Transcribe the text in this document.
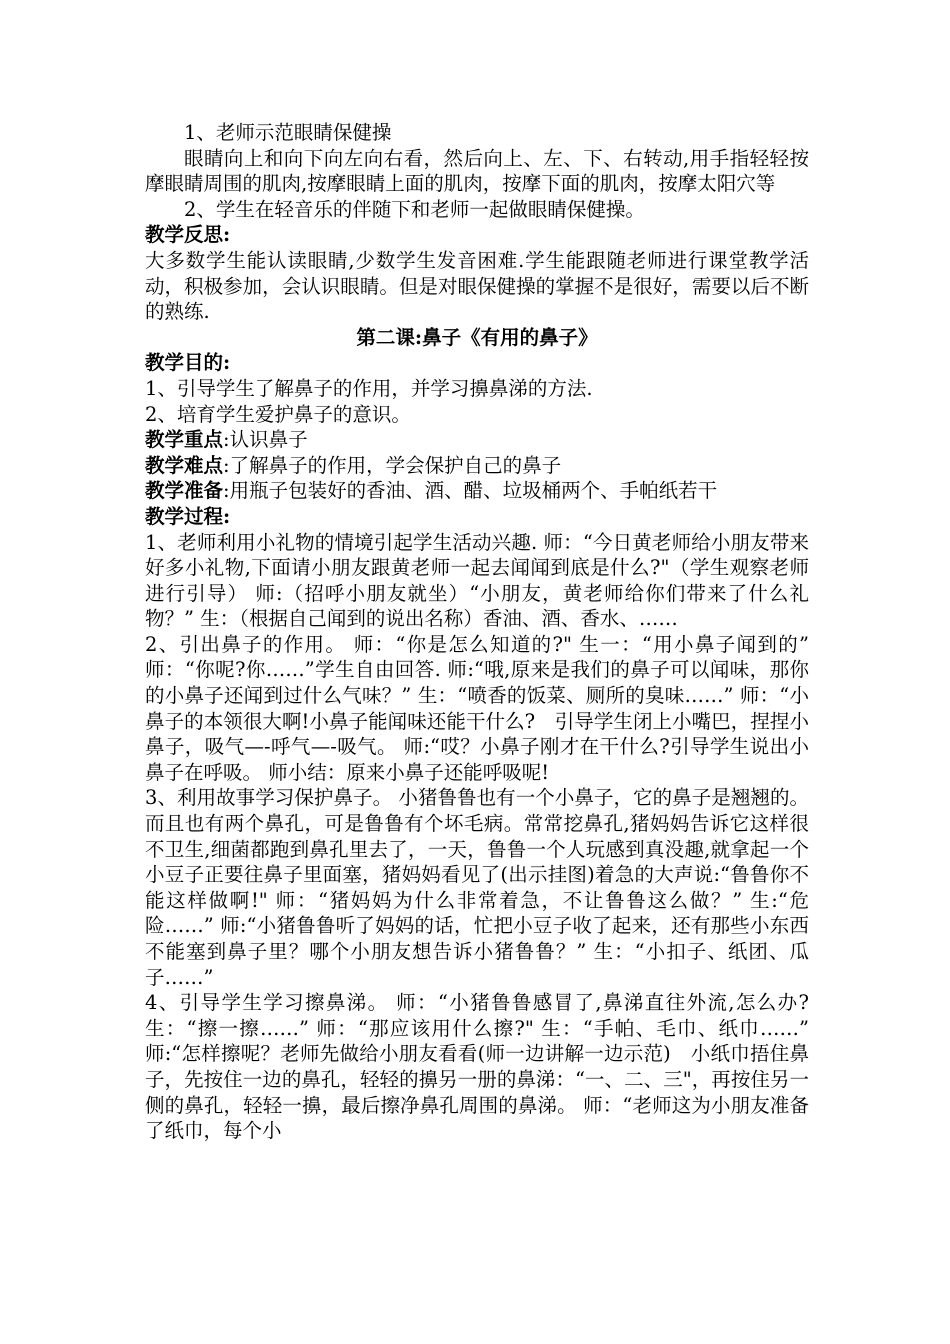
1、老师示范眼睛保健操

眼睛向上和向下向左向右看，然后向上、左、下、右转动,用手指轻轻按摩眼睛周围的肌肉,按摩眼睛上面的肌肉，按摩下面的肌肉，按摩太阳穴等

2、学生在轻音乐的伴随下和老师一起做眼睛保健操。

教学反思:

大多数学生能认读眼睛,少数学生发音困难.学生能跟随老师进行课堂教学活动，积极参加，会认识眼睛。但是对眼保健操的掌握不是很好，需要以后不断的熟练.

第二课:鼻子《有用的鼻子》

教学目的:

1、引导学生了解鼻子的作用，并学习擤鼻涕的方法.

2、培育学生爱护鼻子的意识。

教学重点:认识鼻子

教学难点:了解鼻子的作用，学会保护自己的鼻子

教学准备:用瓶子包装好的香油、酒、醋、垃圾桶两个、手帕纸若干

教学过程:

1、老师利用小礼物的情境引起学生活动兴趣. 师：“今日黄老师给小朋友带来好多小礼物,下面请小朋友跟黄老师一起去闻闻到底是什么?"（学生观察老师进行引导） 师:（招呼小朋友就坐）“小朋友，黄老师给你们带来了什么礼物？” 生：（根据自己闻到的说出名称）香油、酒、香水、……

2、引出鼻子的作用。 师：“你是怎么知道的?" 生一：“用小鼻子闻到的” 师：“你呢?你……”学生自由回答. 师:“哦,原来是我们的鼻子可以闻味，那你的小鼻子还闻到过什么气味？” 生：“喷香的饭菜、厕所的臭味……” 师：“小鼻子的本领很大啊!小鼻子能闻味还能干什么?　引导学生闭上小嘴巴，捏捏小鼻子，吸气—-呼气—-吸气。 师:“哎？小鼻子刚才在干什么?引导学生说出小鼻子在呼吸。 师小结：原来小鼻子还能呼吸呢!

3、利用故事学习保护鼻子。 小猪鲁鲁也有一个小鼻子，它的鼻子是翘翘的。而且也有两个鼻孔，可是鲁鲁有个坏毛病。常常挖鼻孔,猪妈妈告诉它这样很不卫生,细菌都跑到鼻孔里去了，一天，鲁鲁一个人玩感到真没趣,就拿起一个小豆子正要往鼻子里面塞，猪妈妈看见了(出示挂图)着急的大声说:“鲁鲁你不能这样做啊!" 师：“猪妈妈为什么非常着急，不让鲁鲁这么做？” 生:“危险……” 师:“小猪鲁鲁听了妈妈的话，忙把小豆子收了起来，还有那些小东西不能塞到鼻子里？哪个小朋友想告诉小猪鲁鲁？” 生：“小扣子、纸团、瓜子……”

4、引导学生学习擦鼻涕。 师：“小猪鲁鲁感冒了,鼻涕直往外流,怎么办? 生：“擦一擦……” 师：“那应该用什么擦?" 生：“手帕、毛巾、纸巾……” 师:“怎样擦呢？老师先做给小朋友看看(师一边讲解一边示范)　小纸巾捂住鼻子，先按住一边的鼻孔，轻轻的擤另一册的鼻涕：“一、二、三"，再按住另一侧的鼻孔，轻轻一擤，最后擦净鼻孔周围的鼻涕。 师：“老师这为小朋友准备了纸巾，每个小
